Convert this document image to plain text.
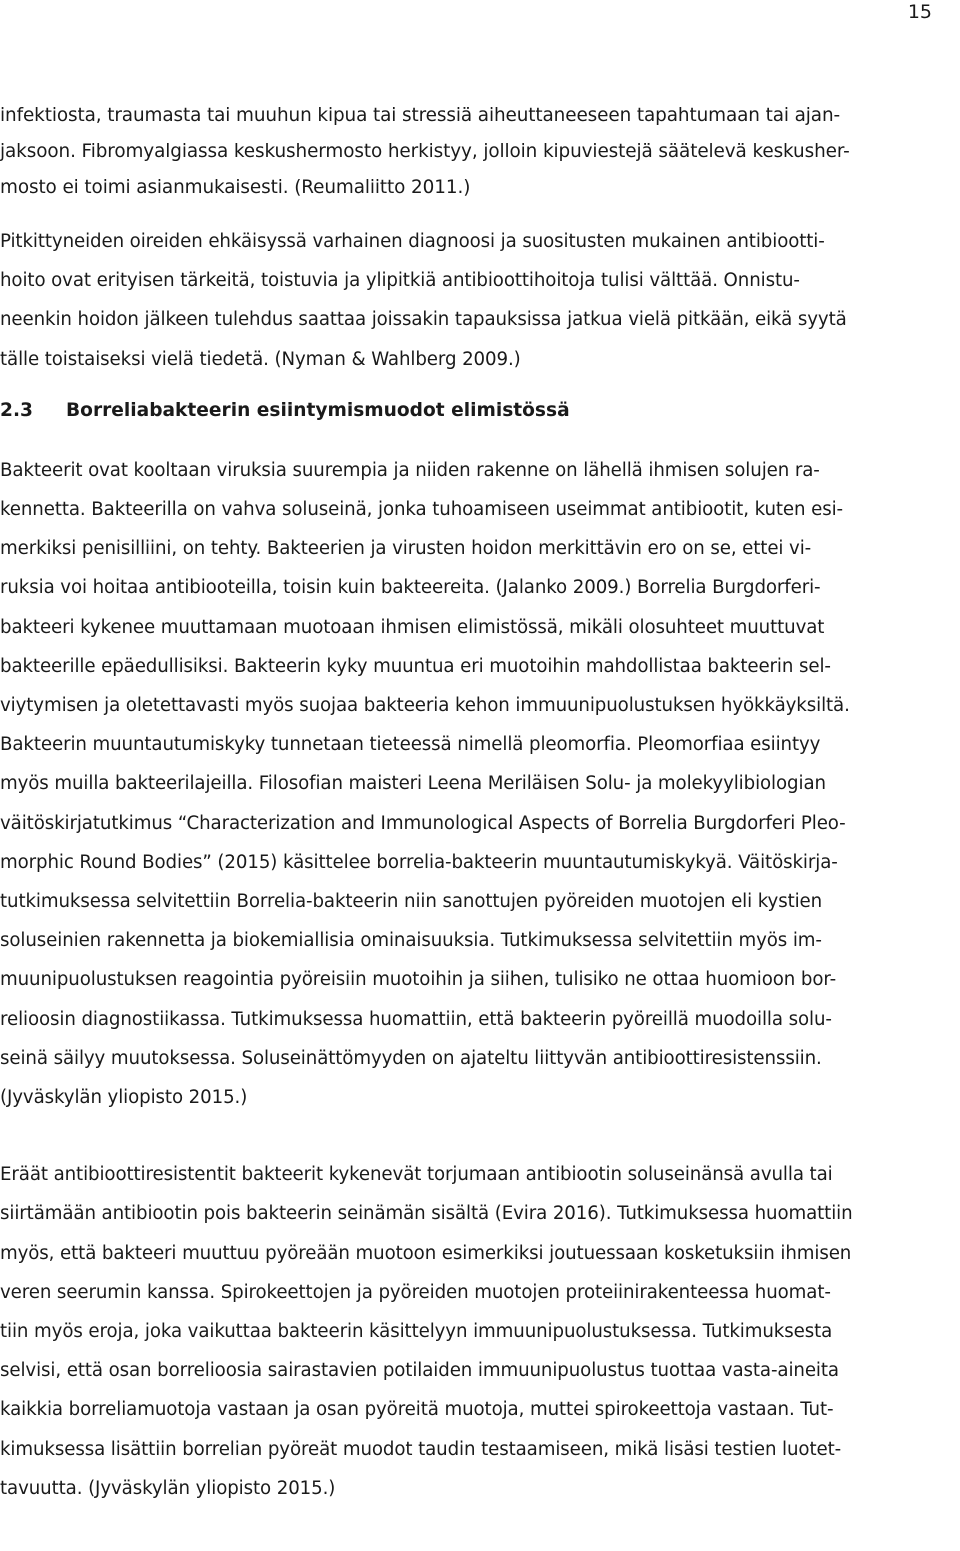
15

infektiosta, traumasta tai muuhun kipua tai stressiä aiheuttaneeseen tapahtumaan tai ajan-
jaksoon. Fibromyalgiassa keskushermosto herkistyy, jolloin kipuviestejä säätelevä keskusher-
mosto ei toimi asianmukaisesti. (Reumaliitto 2011.)

Pitkittyneiden oireiden ehkäisyssä varhainen diagnoosi ja suositusten mukainen antibiootti-
hoito ovat erityisen tärkeitä, toistuvia ja ylipitkiä antibioottihoitoja tulisi välttää. Onnistu-
neenkin hoidon jälkeen tulehdus saattaa joissakin tapauksissa jatkua vielä pitkään, eikä syytä
tälle toistaiseksi vielä tiedetä. (Nyman & Wahlberg 2009.)

2.3 Borreliabakteerin esiintymismuodot elimistössä

Bakteerit ovat kooltaan viruksia suurempia ja niiden rakenne on lähellä ihmisen solujen ra-
kennetta. Bakteerilla on vahva soluseinä, jonka tuhoamiseen useimmat antibiootit, kuten esi-
merkiksi penisilliini, on tehty. Bakteerien ja virusten hoidon merkittävin ero on se, ettei vi-
ruksia voi hoitaa antibiooteilla, toisin kuin bakteereita. (Jalanko 2009.) Borrelia Burgdorferi-
bakteeri kykenee muuttamaan muotoaan ihmisen elimistössä, mikäli olosuhteet muuttuvat
bakteerille epäedullisiksi. Bakteerin kyky muuntua eri muotoihin mahdollistaa bakteerin sel-
viytymisen ja oletettavasti myös suojaa bakteeria kehon immuunipuolustuksen hyökkäyksiltä.
Bakteerin muuntautumiskyky tunnetaan tieteessä nimellä pleomorfia. Pleomorfiaa esiintyy
myös muilla bakteerilajeilla. Filosofian maisteri Leena Meriläisen Solu- ja molekyylibiologian
väitöskirjatutkimus “Characterization and Immunological Aspects of Borrelia Burgdorferi Pleo-
morphic Round Bodies” (2015) käsittelee borrelia-bakteerin muuntautumiskykyä. Väitöskirja-
tutkimuksessa selvitettiin Borrelia-bakteerin niin sanottujen pyöreiden muotojen eli kystien
soluseinien rakennetta ja biokemiallisia ominaisuuksia. Tutkimuksessa selvitettiin myös im-
muunipuolustuksen reagointia pyöreisiin muotoihin ja siihen, tulisiko ne ottaa huomioon bor-
relioosin diagnostiikassa. Tutkimuksessa huomattiin, että bakteerin pyöreillä muodoilla solu-
seinä säilyy muutoksessa. Soluseinättömyyden on ajateltu liittyvän antibioottiresistenssiin.
(Jyväskylän yliopisto 2015.)

Eräät antibioottiresistentit bakteerit kykenevät torjumaan antibiootin soluseinänsä avulla tai
siirtämään antibiootin pois bakteerin seinämän sisältä (Evira 2016). Tutkimuksessa huomattiin
myös, että bakteeri muuttuu pyöreään muotoon esimerkiksi joutuessaan kosketuksiin ihmisen
veren seerumin kanssa. Spirokeettojen ja pyöreiden muotojen proteiinirakenteessa huomat-
tiin myös eroja, joka vaikuttaa bakteerin käsittelyyn immuunipuolustuksessa. Tutkimuksesta
selvisi, että osan borrelioosia sairastavien potilaiden immuunipuolustus tuottaa vasta-aineita
kaikkia borreliamuotoja vastaan ja osan pyöreitä muotoja, muttei spirokeettoja vastaan. Tut-
kimuksessa lisättiin borrelian pyöreät muodot taudin testaamiseen, mikä lisäsi testien luotet-
tavuutta. (Jyväskylän yliopisto 2015.)
